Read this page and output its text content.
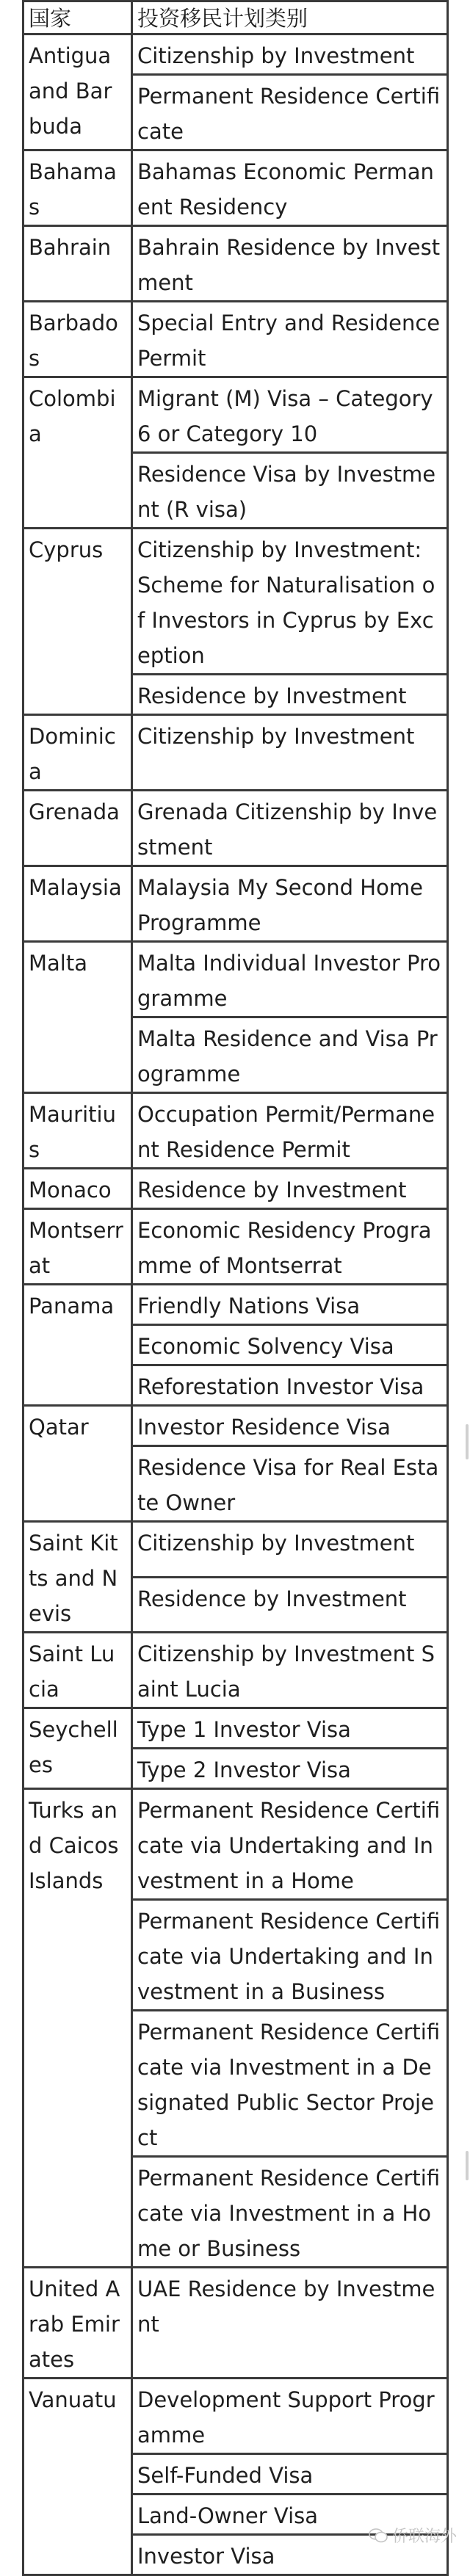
国家	投资移民计划类别
Antigua and Barbuda	Citizenship by Investment
	Permanent Residence Certificate
Bahamas	Bahamas Economic Permanent Residency
Bahrain	Bahrain Residence by Investment
Barbados	Special Entry and Residence Permit
Colombia	Migrant (M) Visa – Category 6 or Category 10
	Residence Visa by Investment (R visa)
Cyprus	Citizenship by Investment: Scheme for Naturalisation of Investors in Cyprus by Exception
	Residence by Investment
Dominica	Citizenship by Investment
Grenada	Grenada Citizenship by Investment
Malaysia	Malaysia My Second Home Programme
Malta	Malta Individual Investor Programme
	Malta Residence and Visa Programme
Mauritius	Occupation Permit/Permanent Residence Permit
Monaco	Residence by Investment
Montserrat	Economic Residency Programme of Montserrat
Panama	Friendly Nations Visa
	Economic Solvency Visa
	Reforestation Investor Visa
Qatar	Investor Residence Visa
	Residence Visa for Real Estate Owner
Saint Kitts and Nevis	Citizenship by Investment
	Residence by Investment
Saint Lucia	Citizenship by Investment Saint Lucia
Seychelles	Type 1 Investor Visa
	Type 2 Investor Visa
Turks and Caicos Islands	Permanent Residence Certificate via Undertaking and Investment in a Home
	Permanent Residence Certificate via Undertaking and Investment in a Business
	Permanent Residence Certificate via Investment in a Designated Public Sector Project
	Permanent Residence Certificate via Investment in a Home or Business
United Arab Emirates	UAE Residence by Investment
Vanuatu	Development Support Programme
	Self-Funded Visa
	Land-Owner Visa
	Investor Visa
侨联海外
